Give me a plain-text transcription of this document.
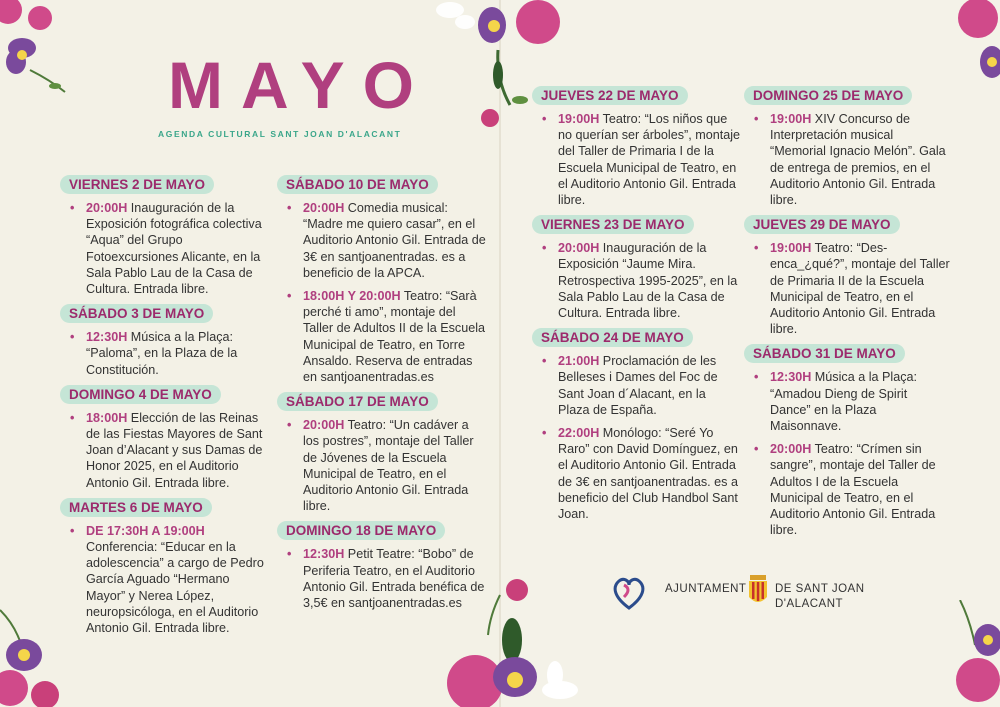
MAYO
AGENDA CULTURAL SANT JOAN D'ALACANT
VIERNES 2 DE MAYO
• 20:00H Inauguración de la Exposición fotográfica colectiva “Aqua” del Grupo Fotoexcursiones Alicante, en la Sala Pablo Lau de la Casa de Cultura. Entrada libre.
SÁBADO 3 DE MAYO
• 12:30H Música a la Plaça: “Paloma”, en la Plaza de la Constitución.
DOMINGO 4 DE MAYO
• 18:00H Elección de las Reinas de las Fiestas Mayores de Sant Joan d’Alacant y sus Damas de Honor 2025, en el Auditorio Antonio Gil. Entrada libre.
MARTES 6 DE MAYO
• DE 17:30H A 19:00H Conferencia: “Educar en la adolescencia” a cargo de Pedro García Aguado “Hermano Mayor” y Nerea López, neuropsicóloga, en el Auditorio Antonio Gil. Entrada libre.
SÁBADO 10 DE MAYO
• 20:00H Comedia musical: “Madre me quiero casar”, en el Auditorio Antonio Gil. Entrada de 3€ en santjoanentradas. es a beneficio de la APCA.
• 18:00H Y 20:00H Teatro: “Sarà perché ti amo”, montaje del Taller de Adultos II de la Escuela Municipal de Teatro, en Torre Ansaldo. Reserva de entradas en santjoanentradas.es
SÁBADO 17 DE MAYO
• 20:00H Teatro: “Un cadáver a los postres”, montaje del Taller de Jóvenes de la Escuela Municipal de Teatro, en el Auditorio Antonio Gil. Entrada libre.
DOMINGO 18 DE MAYO
• 12:30H Petit Teatre: “Bobo” de Periferia Teatro, en el Auditorio Antonio Gil. Entrada benéfica de 3,5€ en santjoanentradas.es
JUEVES 22 DE MAYO
• 19:00H Teatro: “Los niños que no querían ser árboles”, montaje del Taller de Primaria I de la Escuela Municipal de Teatro, en el Auditorio Antonio Gil. Entrada libre.
VIERNES 23 DE MAYO
• 20:00H Inauguración de la Exposición “Jaume Mira. Retrospectiva 1995-2025”, en la Sala Pablo Lau de la Casa de Cultura. Entrada libre.
SÁBADO 24 DE MAYO
• 21:00H Proclamación de les Belleses i Dames del Foc de Sant Joan d´Alacant, en la Plaza de España.
• 22:00H Monólogo: “Seré Yo Raro” con David Domínguez, en el Auditorio Antonio Gil. Entrada de 3€ en santjoanentradas. es a beneficio del Club Handbol Sant Joan.
DOMINGO 25 DE MAYO
• 19:00H XIV Concurso de Interpretación musical “Memorial Ignacio Melón”. Gala de entrega de premios, en el Auditorio Antonio Gil. Entrada libre.
JUEVES 29 DE MAYO
• 19:00H Teatro: “Des-enca_¿qué?”, montaje del Taller de Primaria II de la Escuela Municipal de Teatro, en el Auditorio Antonio Gil. Entrada libre.
SÁBADO 31 DE MAYO
• 12:30H Música a la Plaça: “Amadou Dieng de Spirit Dance” en la Plaza Maisonnave.
• 20:00H Teatro: “Crímen sin sangre”, montaje del Taller de Adultos I de la Escuela Municipal de Teatro, en el Auditorio Antonio Gil. Entrada libre.
AJUNTAMENT DE SANT JOAN
D'ALACANT
